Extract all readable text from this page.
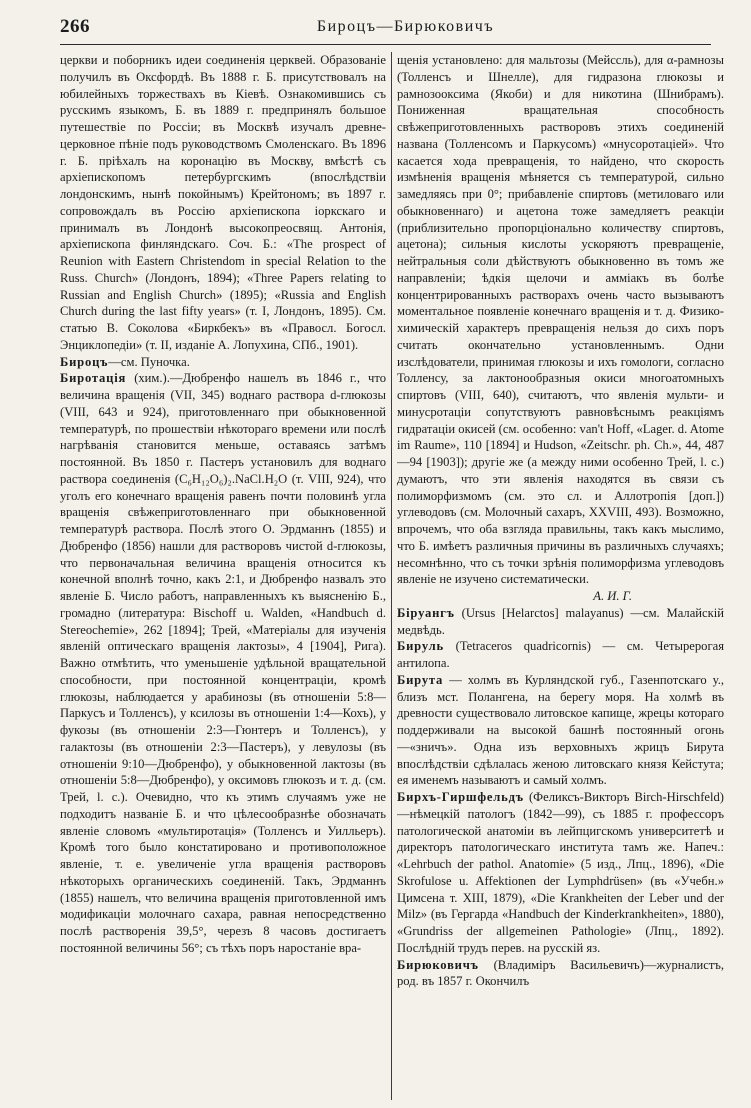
266	Бироцъ—Бирюковичъ

церкви и поборникъ идеи соединенія церквей. Образованіе получилъ въ Оксфордѣ. Въ 1888 г. Б. присутствовалъ на юбилейныхъ торжествахъ въ Кіевѣ. Ознакомившись съ русскимъ языкомъ, Б. въ 1889 г. предпринялъ большое путешествіе по Россіи; въ Москвѣ изучалъ древне-церковное пѣніе подъ руководствомъ Смоленскаго. Въ 1896 г. Б. пріѣхалъ на коронацію въ Москву, вмѣстѣ съ архіепископомъ петербургскимъ (впослѣдствіи лондонскимъ, нынѣ покойнымъ) Крейтономъ; въ 1897 г. сопровождалъ въ Россію архіепископа іоркскаго и принималъ въ Лондонѣ высокопреосвящ. Антонія, архіепископа финляндскаго. Соч. Б.: «The prospect of Reunion with Eastern Christendom in special Relation to the Russ. Church» (Лондонъ, 1894); «Three Papers relating to Russian and English Church» (1895); «Russia and English Church during the last fifty years» (т. I, Лондонъ, 1895). См. статью В. Соколова «Биркбекъ» въ «Правосл. Богосл. Энциклопедіи» (т. II, изданіе А. Лопухина, СПб., 1901).

Бироцъ—см. Пуночка.

Биротація (хим.).—Дюбренфо нашелъ въ 1846 г., что величина вращенія (VII, 345) воднаго раствора d-глюкозы (VIII, 643 и 924), приготовленнаго при обыкновенной температурѣ, по прошествіи нѣкотораго времени или послѣ нагрѣванія становится меньше, оставаясь затѣмъ постоянной. Въ 1850 г. Пастеръ установилъ для воднаго раствора соединенія (C₆H₁₂O₆)₂.NaCl.H₂O (т. VIII, 924), что уголъ его конечнаго вращенія равенъ почти половинѣ угла вращенія свѣжеприготовленнаго при обыкновенной температурѣ раствора. Послѣ этого О. Эрдманнъ (1855) и Дюбренфо (1856) нашли для растворовъ чистой d-глюкозы, что первоначальная величина вращенія относится къ конечной вполнѣ точно, какъ 2:1, и Дюбренфо назвалъ это явленіе Б. Число работъ, направленныхъ къ выясненію Б., громадно (литература: Bischoff u. Walden, «Handbuch d. Stereochemie», 262 [1894]; Трей, «Матеріалы для изученія явленій оптическаго вращенія лактозы», 4 [1904], Рига). Важно отмѣтить, что уменьшеніе удѣльной вращательной способности, при постоянной концентраціи, кромѣ глюкозы, наблюдается у арабинозы (въ отношеніи 5:8—Паркусъ и Толленсъ), у ксилозы въ отношеніи 1:4—Кохъ), у фукозы (въ отношеніи 2:3—Гюнтеръ и Толленсъ), у галактозы (въ отношеніи 2:3—Пастеръ), у левулозы (въ отношеніи 9:10—Дюбренфо), у обыкновенной лактозы (въ отношеніи 5:8—Дюбренфо), у оксимовъ глюкозъ и т. д. (см. Трей, l. c.). Очевидно, что къ этимъ случаямъ уже не подходитъ названіе Б. и что цѣлесообразнѣе обозначать явленіе словомъ «мультиротація» (Толленсъ и Уилльеръ). Кромѣ того было констатировано и противоположное явленіе, т. е. увеличеніе угла вращенія растворовъ нѣкоторыхъ органическихъ соединеній. Такъ, Эрдманнъ (1855) нашелъ, что величина вращенія приготовленной имъ модификаціи молочнаго сахара, равная непосредственно послѣ растворенія 39,5°, черезъ 8 часовъ достигаетъ постоянной величины 56°; съ тѣхъ поръ наростаніе вра-

щенія установлено: для мальтозы (Мейссль), для α-рамнозы (Толленсъ и Шнелле), для гидразона глюкозы и рамнозооксима (Якоби) и для никотина (Шнибрамъ). Пониженная вращательная способность свѣжеприготовленныхъ растворовъ этихъ соединеній названа (Толленсомъ и Паркусомъ) «мнусоротаціей». Что касается хода превращенія, то найдено, что скорость измѣненія вращенія мѣняется съ температурой, сильно замедляясь при 0°; прибавленіе спиртовъ (метиловаго или обыкновеннаго) и ацетона тоже замедляетъ реакціи (приблизительно пропорціонально количеству спиртовъ, ацетона); сильныя кислоты ускоряютъ превращеніе, нейтральныя соли дѣйствуютъ обыкновенно въ томъ же направленіи; ѣдкія щелочи и аммiакъ въ болѣе концентрированныхъ растворахъ очень часто вызываютъ моментальное появленіе конечнаго вращенія и т. д. Физико-химическій характеръ превращенія нельзя до сихъ поръ считать окончательно установленнымъ. Одни изслѣдователи, принимая глюкозы и ихъ гомологи, согласно Толленсу, за лактонообразныя окиси многоатомныхъ спиртовъ (VIII, 640), считаютъ, что явленія мульти- и минусротаціи сопутствуютъ равновѣснымъ реакціямъ гидратаціи окисей (см. особенно: van't Hoff, «Lager. d. Atome im Raume», 110 [1894] и Hudson, «Zeitschr. ph. Ch.», 44, 487—94 [1903]); другіе же (а между ними особенно Трей, l. c.) думаютъ, что эти явленія находятся въ связи съ полиморфизмомъ (см. это сл. и Аллотропія [доп.]) углеводовъ (см. Молочный сахаръ, XXVIII, 493). Возможно, впрочемъ, что оба взгляда правильны, такъ какъ мыслимо, что Б. имѣетъ различныя причины въ различныхъ случаяхъ; несомнѣнно, что съ точки зрѣнія полиморфизма углеводовъ явленіе не изучено систематически.

А. И. Г.

Біруангъ (Ursus [Helarctos] malayanus) —см. Малайскій медвѣдь.

Бируль (Tetraceros quadricornis) — см. Четырерогая антилопа.

Бирута — холмъ въ Курляндской губ., Газенпотскаго у., близъ мст. Полангена, на берегу моря. На холмѣ въ древности существовало литовское капище, жрецы котораго поддерживали на высокой башнѣ постоянный огонь—«зничъ». Одна изъ верховныхъ жрицъ Бирута впослѣдствіи сдѣлалась женою литовскаго князя Кейстута; ея именемъ называютъ и самый холмъ.

Бирхъ-Гиршфельдъ (Феликсъ-Викторъ Birch-Hirschfeld)—нѣмецкій патологъ (1842—99), съ 1885 г. профессоръ патологической анатоміи въ лейпцигскомъ университетѣ и директоръ патологическаго института тамъ же. Напеч.: «Lehrbuch der pathol. Anatomie» (5 изд., Лпц., 1896), «Die Skrofulose u. Affektionen der Lymphdrüsen» (въ «Учебн.» Цимсена т. XIII, 1879), «Die Krankheiten der Leber und der Milz» (въ Гергарда «Handbuch der Kinderkrankheiten», 1880), «Grundriss der allgemeinen Pathologie» (Лпц., 1892). Послѣдній трудъ перев. на русскій яз.

Бирюковичъ (Владиміръ Васильевичъ)—журналистъ, род. въ 1857 г. Окончилъ
